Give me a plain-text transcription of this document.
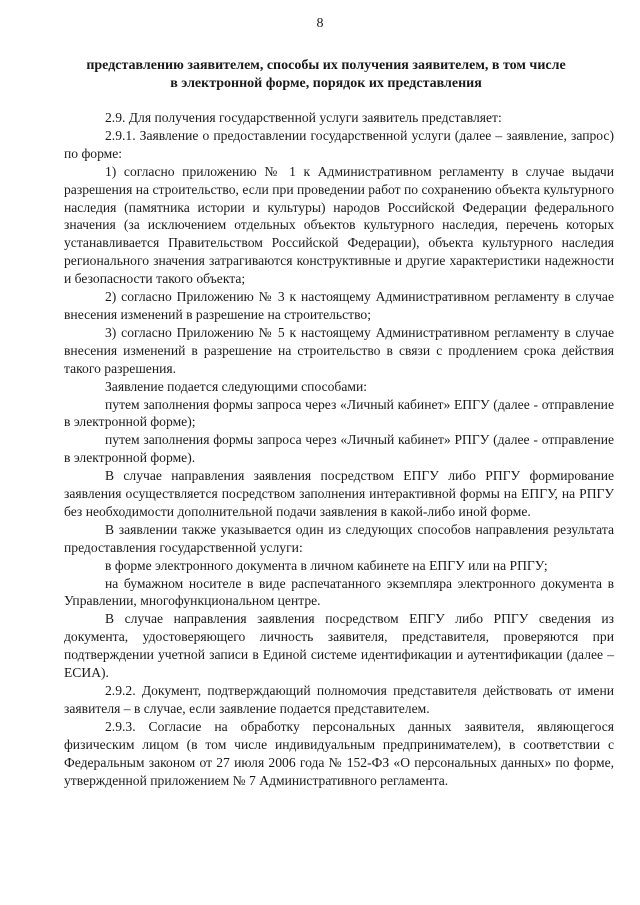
8
представлению заявителем, способы их получения заявителем, в том числе
в электронной форме, порядок их представления

2.9. Для получения государственной услуги заявитель представляет:

2.9.1. Заявление о предоставлении государственной услуги (далее – заявление, запрос) по форме:

1) согласно приложению № 1 к Административном регламенту в случае выдачи разрешения на строительство, если при проведении работ по сохранению объекта культурного наследия (памятника истории и культуры) народов Российской Федерации федерального значения (за исключением отдельных объектов культурного наследия, перечень которых устанавливается Правительством Российской Федерации), объекта культурного наследия регионального значения затрагиваются конструктивные и другие характеристики надежности и безопасности такого объекта;

2) согласно Приложению № 3 к настоящему Административном регламенту в случае внесения изменений в разрешение на строительство;

3) согласно Приложению № 5 к настоящему Административном регламенту в случае внесения изменений в разрешение на строительство в связи с продлением срока действия такого разрешения.

Заявление подается следующими способами:

путем заполнения формы запроса через «Личный кабинет» ЕПГУ (далее - отправление в электронной форме);

путем заполнения формы запроса через «Личный кабинет» РПГУ (далее - отправление в электронной форме).

В случае направления заявления посредством ЕПГУ либо РПГУ формирование заявления осуществляется посредством заполнения интерактивной формы на ЕПГУ, на РПГУ без необходимости дополнительной подачи заявления в какой-либо иной форме.

В заявлении также указывается один из следующих способов направления результата предоставления государственной услуги:

в форме электронного документа в личном кабинете на ЕПГУ или на РПГУ;

на бумажном носителе в виде распечатанного экземпляра электронного документа в Управлении, многофункциональном центре.

В случае направления заявления посредством ЕПГУ либо РПГУ сведения из документа, удостоверяющего личность заявителя, представителя, проверяются при подтверждении учетной записи в Единой системе идентификации и аутентификации (далее – ЕСИА).

2.9.2. Документ, подтверждающий полномочия представителя действовать от имени заявителя – в случае, если заявление подается представителем.

2.9.3. Согласие на обработку персональных данных заявителя, являющегося физическим лицом (в том числе индивидуальным предпринимателем), в соответствии с Федеральным законом от 27 июля 2006 года № 152-ФЗ «О персональных данных» по форме, утвержденной приложением № 7 Административного регламента.
